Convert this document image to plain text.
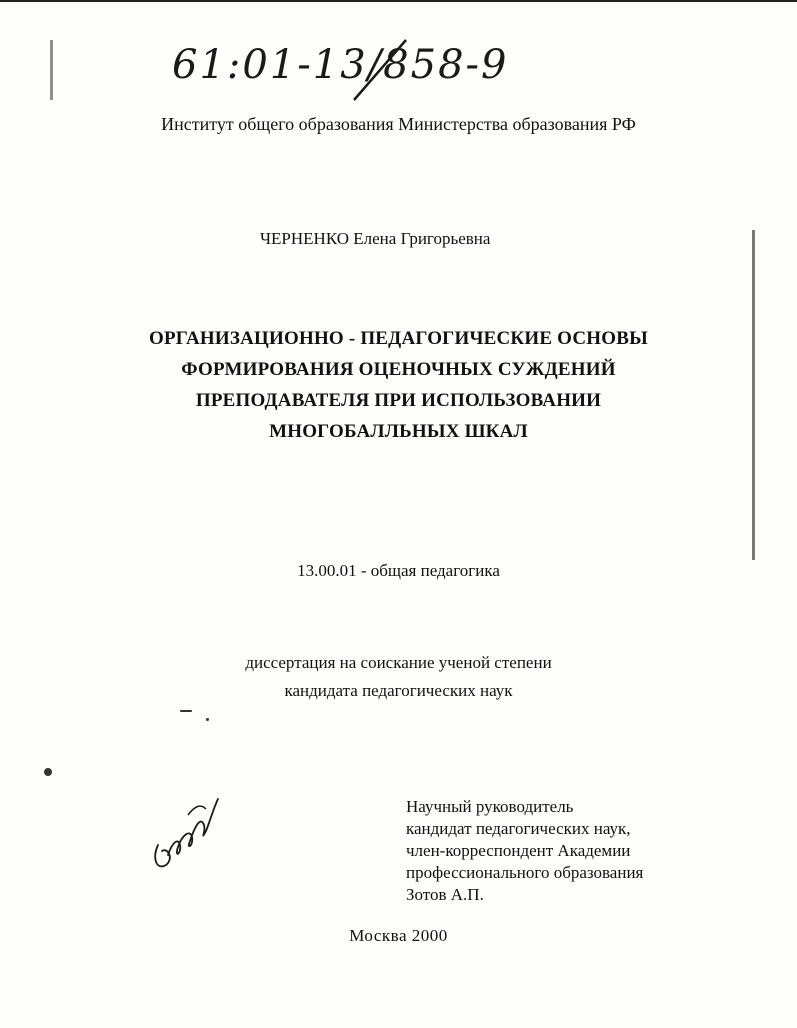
61:01-13/858-9
Институт общего образования Министерства образования РФ
ЧЕРНЕНКО Елена Григорьевна
ОРГАНИЗАЦИОННО - ПЕДАГОГИЧЕСКИЕ ОСНОВЫ
ФОРМИРОВАНИЯ ОЦЕНОЧНЫХ СУЖДЕНИЙ
ПРЕПОДАВАТЕЛЯ ПРИ ИСПОЛЬЗОВАНИИ
МНОГОБАЛЛЬНЫХ ШКАЛ
13.00.01 - общая педагогика
диссертация на соискание ученой степени
кандидата педагогических наук
Научный руководитель
кандидат педагогических наук,
член-корреспондент Академии
профессионального образования
Зотов А.П.
Москва 2000
